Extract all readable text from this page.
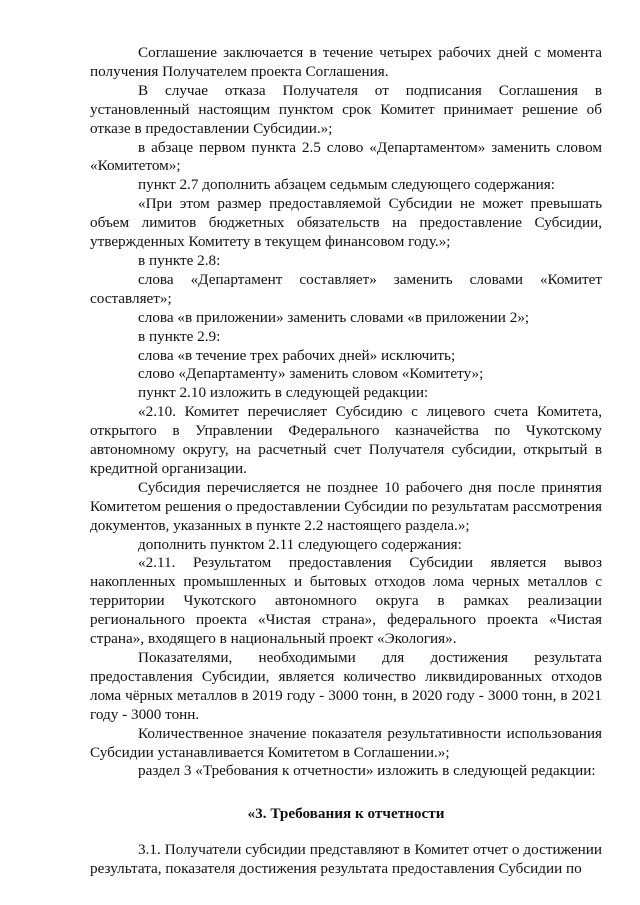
Соглашение заключается в течение четырех рабочих дней с момента получения Получателем проекта Соглашения.

В случае отказа Получателя от подписания Соглашения в установленный настоящим пунктом срок Комитет принимает решение об отказе в предоставлении Субсидии.»;

в абзаце первом пункта 2.5 слово «Департаментом» заменить словом «Комитетом»;

пункт 2.7 дополнить абзацем седьмым следующего содержания:

«При этом размер предоставляемой Субсидии не может превышать объем лимитов бюджетных обязательств на предоставление Субсидии, утвержденных Комитету в текущем финансовом году.»;

в пункте 2.8:

слова «Департамент составляет» заменить словами «Комитет составляет»;

слова «в приложении» заменить словами «в приложении 2»;

в пункте 2.9:

слова «в течение трех рабочих дней» исключить;

слово «Департаменту» заменить словом «Комитету»;

пункт 2.10 изложить в следующей редакции:

«2.10. Комитет перечисляет Субсидию с лицевого счета Комитета, открытого в Управлении Федерального казначейства по Чукотскому автономному округу, на расчетный счет Получателя субсидии, открытый в кредитной организации.

Субсидия перечисляется не позднее 10 рабочего дня после принятия Комитетом решения о предоставлении Субсидии по результатам рассмотрения документов, указанных в пункте 2.2 настоящего раздела.»;

дополнить пунктом 2.11 следующего содержания:

«2.11. Результатом предоставления Субсидии является вывоз накопленных промышленных и бытовых отходов лома черных металлов с территории Чукотского автономного округа в рамках реализации регионального проекта «Чистая страна», федерального проекта «Чистая страна», входящего в национальный проект «Экология».

Показателями, необходимыми для достижения результата предоставления Субсидии, является количество ликвидированных отходов лома чёрных металлов в 2019 году - 3000 тонн, в 2020 году - 3000 тонн, в 2021 году - 3000 тонн.

Количественное значение показателя результативности использования Субсидии устанавливается Комитетом в Соглашении.»;

раздел 3 «Требования к отчетности» изложить в следующей редакции:

«3. Требования к отчетности

3.1. Получатели субсидии представляют в Комитет отчет о достижении результата, показателя достижения результата предоставления Субсидии по
